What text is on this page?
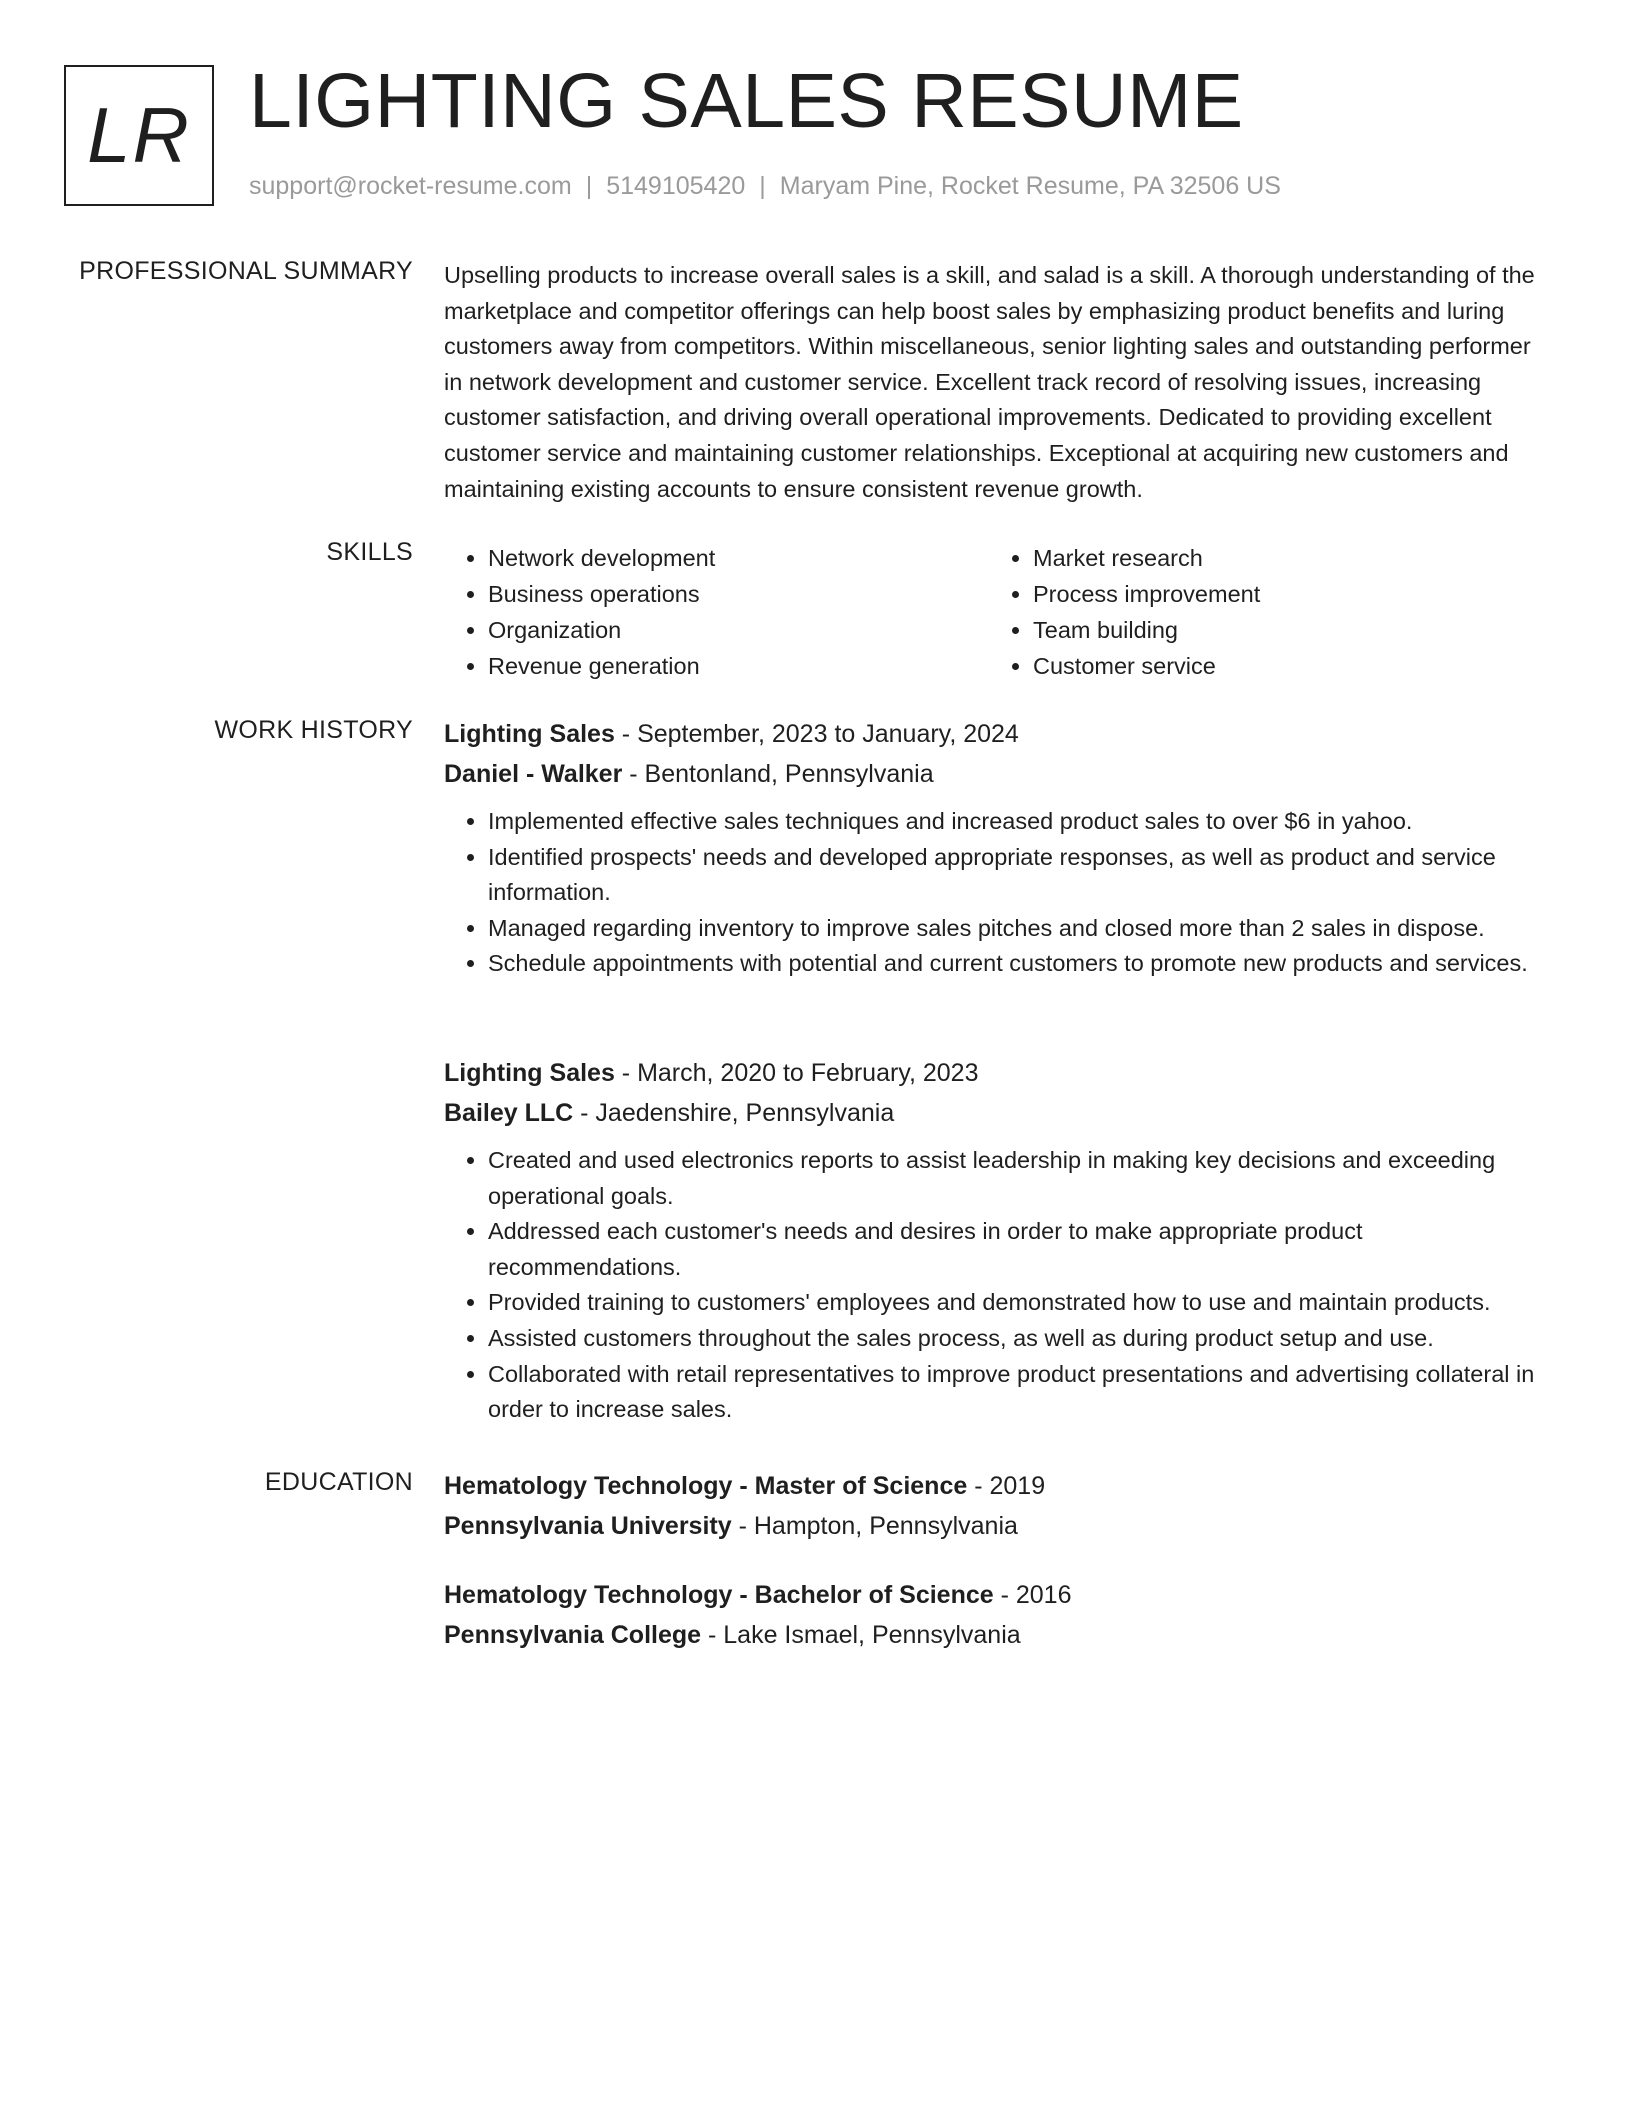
LR LIGHTING SALES RESUME
support@rocket-resume.com | 5149105420 | Maryam Pine, Rocket Resume, PA 32506 US
PROFESSIONAL SUMMARY Upselling products to increase overall sales is a skill, and salad is a skill. A thorough understanding of the marketplace and competitor offerings can help boost sales by emphasizing product benefits and luring customers away from competitors. Within miscellaneous, senior lighting sales and outstanding performer in network development and customer service. Excellent track record of resolving issues, increasing customer satisfaction, and driving overall operational improvements. Dedicated to providing excellent customer service and maintaining customer relationships. Exceptional at acquiring new customers and maintaining existing accounts to ensure consistent revenue growth.
SKILLS
•	Network development
• Business operations
• Organization
• Revenue generation
• Market research
• Process improvement
• Team building
• Customer service
WORK HISTORY Lighting Sales - September, 2023 to January, 2024
Daniel - Walker - Bentonland, Pennsylvania
• Implemented effective sales techniques and increased product sales to over $6 in yahoo.
• Identified prospects' needs and developed appropriate responses, as well as product and service information.
• Managed regarding inventory to improve sales pitches and closed more than 2 sales in dispose.
• Schedule appointments with potential and current customers to promote new products and services.
Lighting Sales - March, 2020 to February, 2023
Bailey LLC - Jaedenshire, Pennsylvania
• Created and used electronics reports to assist leadership in making key decisions and exceeding operational goals.
• Addressed each customer's needs and desires in order to make appropriate product recommendations.
• Provided training to customers' employees and demonstrated how to use and maintain products.
• Assisted customers throughout the sales process, as well as during product setup and use.
• Collaborated with retail representatives to improve product presentations and advertising collateral in order to increase sales.
EDUCATION Hematology Technology - Master of Science - 2019
Pennsylvania University - Hampton, Pennsylvania
Hematology Technology - Bachelor of Science - 2016
Pennsylvania College - Lake Ismael, Pennsylvania
